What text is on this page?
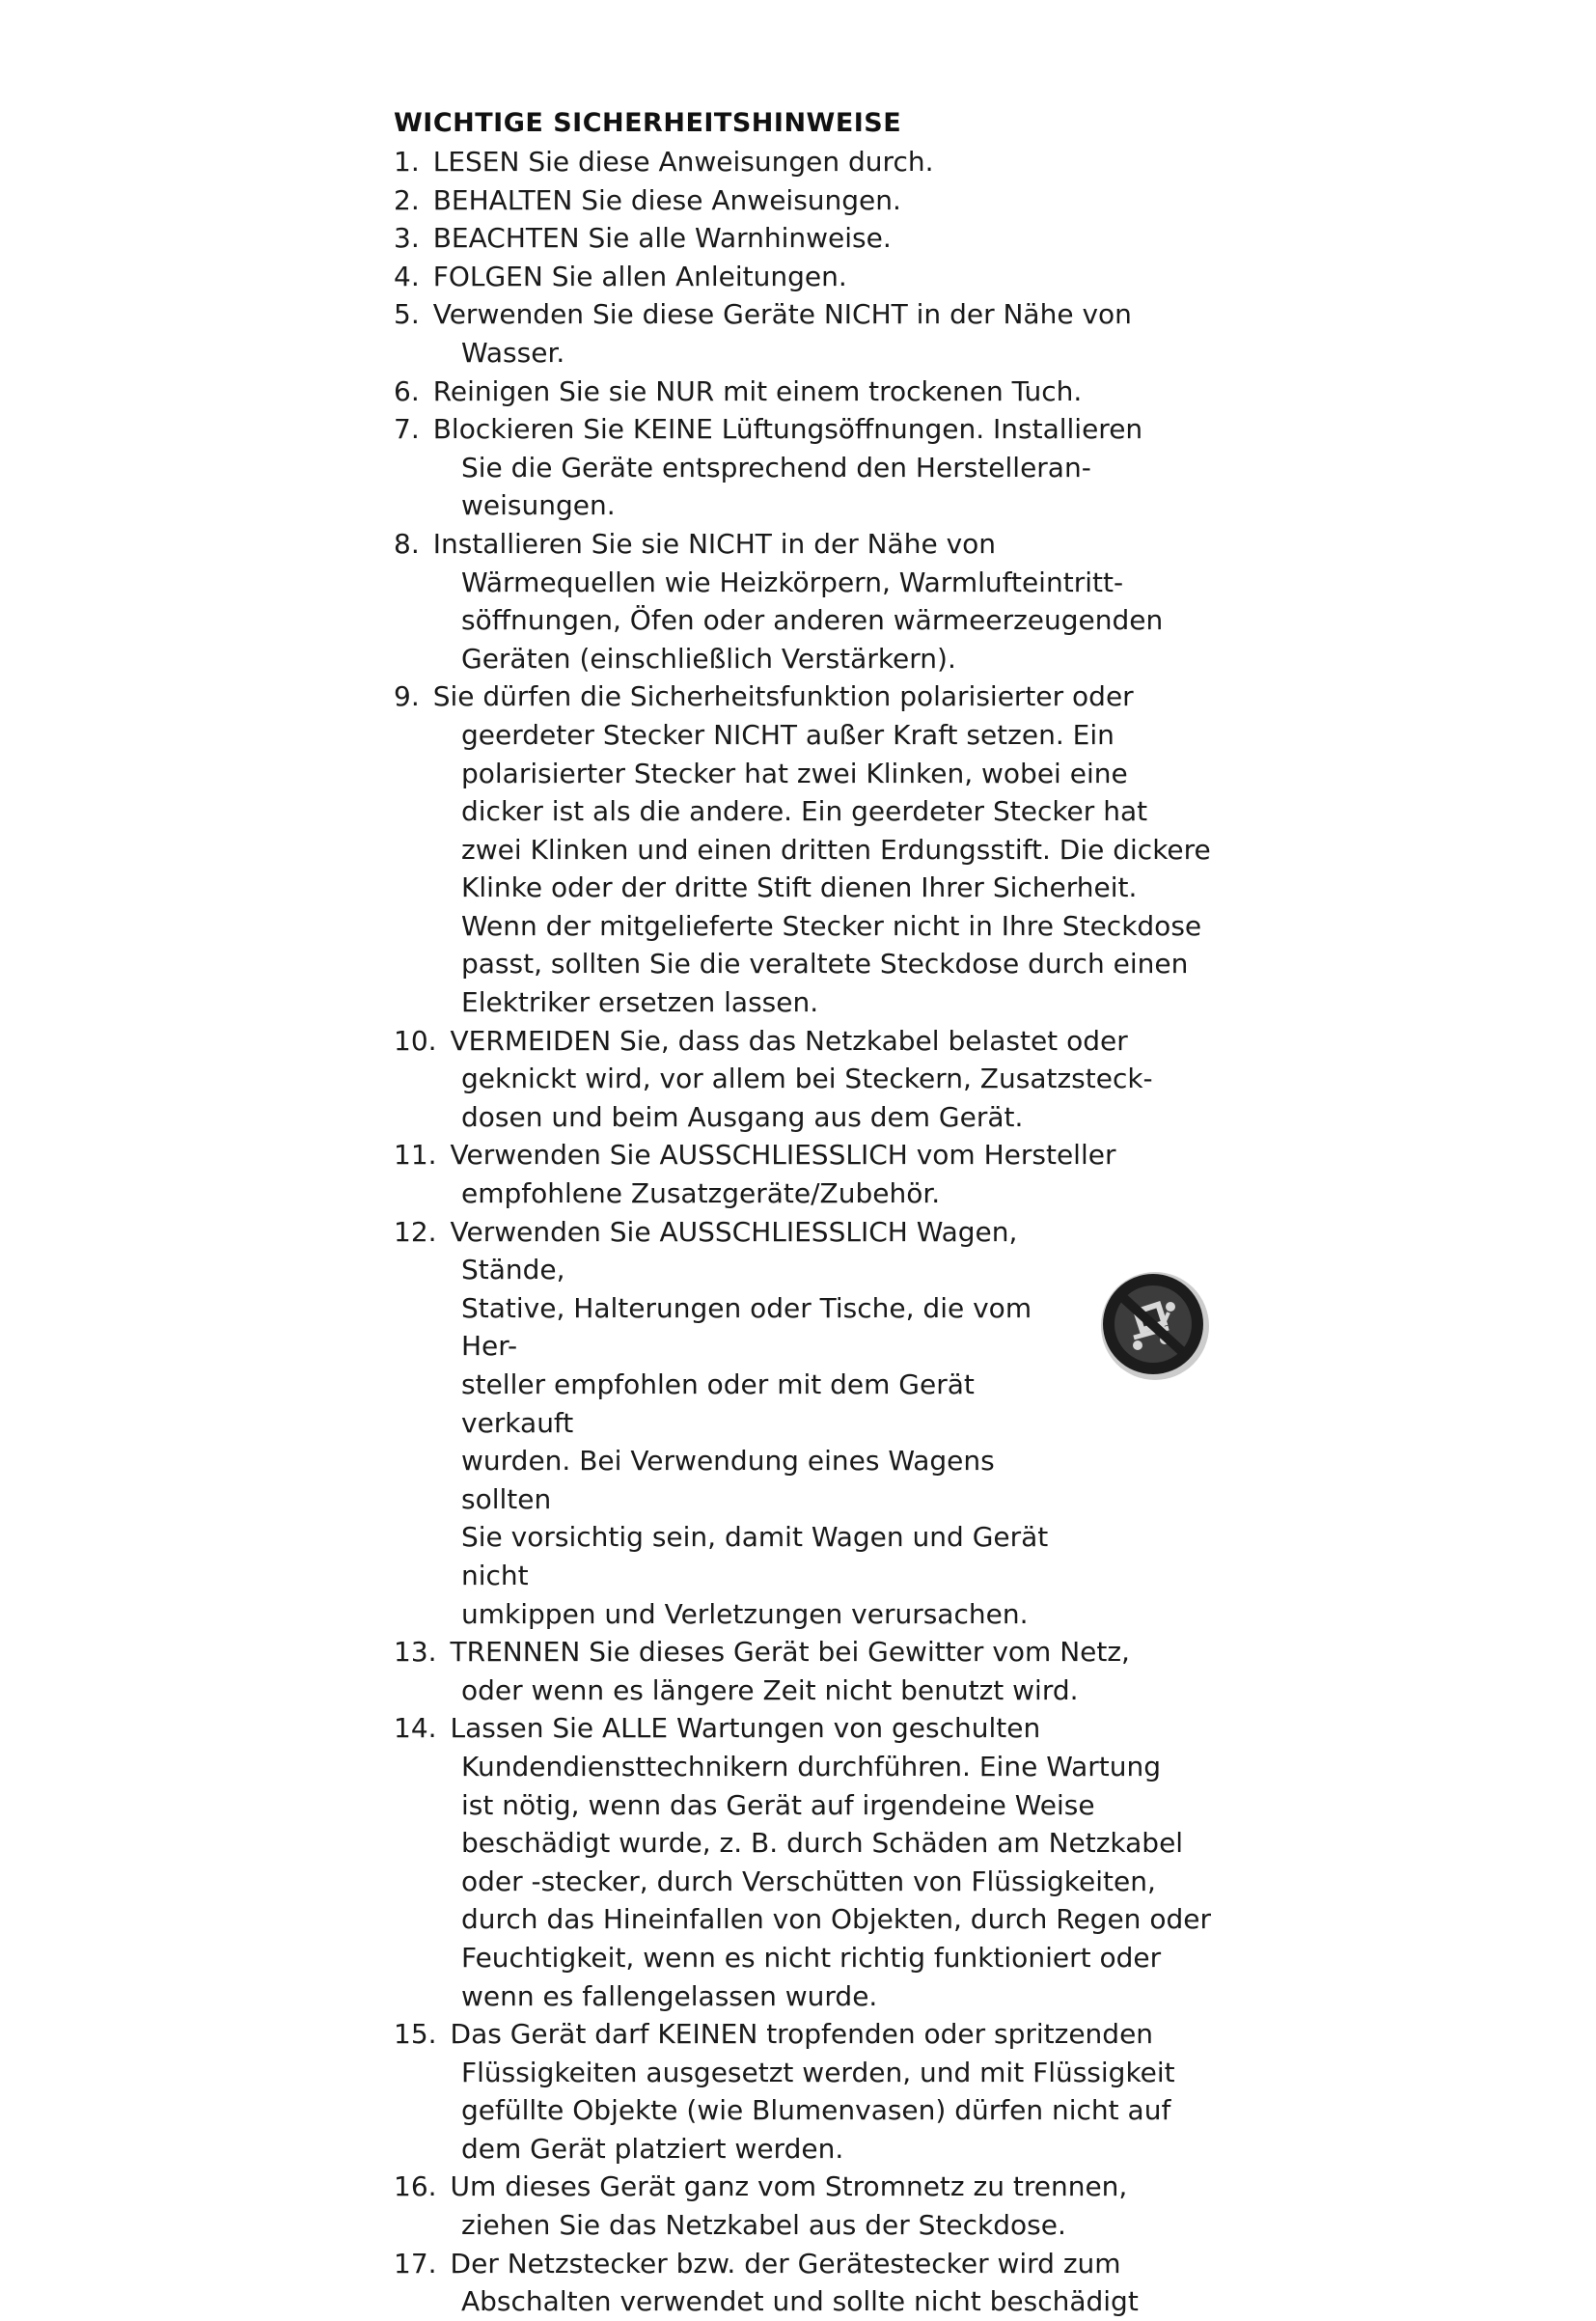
WICHTIGE SICHERHEITSHINWEISE
1. LESEN Sie diese Anweisungen durch.
2. BEHALTEN Sie diese Anweisungen.
3. BEACHTEN Sie alle Warnhinweise.
4. FOLGEN Sie allen Anleitungen.
5. Verwenden Sie diese Geräte NICHT in der Nähe von
Wasser.
6. Reinigen Sie sie NUR mit einem trockenen Tuch.
7. Blockieren Sie KEINE Lüftungsöffnungen. Installieren
Sie die Geräte entsprechend den Herstelleran-
weisungen.
8. Installieren Sie sie NICHT in der Nähe von
Wärmequellen wie Heizkörpern, Warmlufteintritt-
söffnungen, Öfen oder anderen wärmeerzeugenden
Geräten (einschließlich Verstärkern).
9. Sie dürfen die Sicherheitsfunktion polarisierter oder
geerdeter Stecker NICHT außer Kraft setzen. Ein
polarisierter Stecker hat zwei Klinken, wobei eine
dicker ist als die andere. Ein geerdeter Stecker hat
zwei Klinken und einen dritten Erdungsstift. Die dickere
Klinke oder der dritte Stift dienen Ihrer Sicherheit.
Wenn der mitgelieferte Stecker nicht in Ihre Steckdose
passt, sollten Sie die veraltete Steckdose durch einen
Elektriker ersetzen lassen.
10. VERMEIDEN Sie, dass das Netzkabel belastet oder
geknickt wird, vor allem bei Steckern, Zusatzsteck-
dosen und beim Ausgang aus dem Gerät.
11. Verwenden Sie AUSSCHLIESSLICH vom Hersteller
empfohlene Zusatzgeräte/Zubehör.
12. Verwenden Sie AUSSCHLIESSLICH Wagen, Stände,
Stative, Halterungen oder Tische, die vom Her-
steller empfohlen oder mit dem Gerät verkauft
wurden. Bei Verwendung eines Wagens sollten
Sie vorsichtig sein, damit Wagen und Gerät nicht
umkippen und Verletzungen verursachen.
13. TRENNEN Sie dieses Gerät bei Gewitter vom Netz,
oder wenn es längere Zeit nicht benutzt wird.
14. Lassen Sie ALLE Wartungen von geschulten
Kundendiensttechnikern durchführen. Eine Wartung
ist nötig, wenn das Gerät auf irgendeine Weise
beschädigt wurde, z. B. durch Schäden am Netzkabel
oder -stecker, durch Verschütten von Flüssigkeiten,
durch das Hineinfallen von Objekten, durch Regen oder
Feuchtigkeit, wenn es nicht richtig funktioniert oder
wenn es fallengelassen wurde.
15. Das Gerät darf KEINEN tropfenden oder spritzenden
Flüssigkeiten ausgesetzt werden, und mit Flüssigkeit
gefüllte Objekte (wie Blumenvasen) dürfen nicht auf
dem Gerät platziert werden.
16. Um dieses Gerät ganz vom Stromnetz zu trennen,
ziehen Sie das Netzkabel aus der Steckdose.
17. Der Netzstecker bzw. der Gerätestecker wird zum
Abschalten verwendet und sollte nicht beschädigt
